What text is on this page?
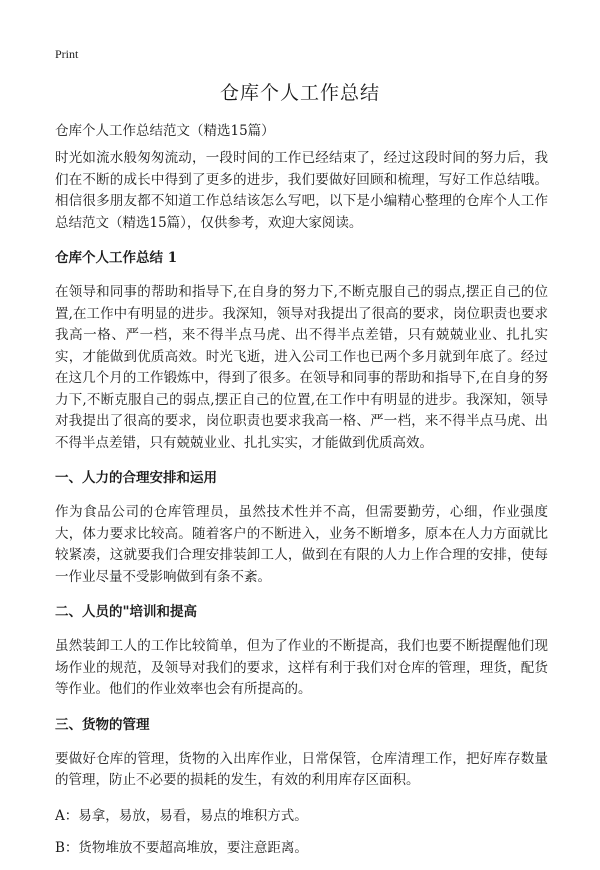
Print
仓库个人工作总结
仓库个人工作总结范文（精选15篇）

时光如流水般匆匆流动，一段时间的工作已经结束了，经过这段时间的努力后，我们在不断的成长中得到了更多的进步，我们要做好回顾和梳理，写好工作总结哦。相信很多朋友都不知道工作总结该怎么写吧，以下是小编精心整理的仓库个人工作总结范文（精选15篇），仅供参考，欢迎大家阅读。

仓库个人工作总结 1

在领导和同事的帮助和指导下,在自身的努力下,不断克服自己的弱点,摆正自己的位置,在工作中有明显的进步。我深知，领导对我提出了很高的要求，岗位职责也要求我高一格、严一档，来不得半点马虎、出不得半点差错，只有兢兢业业、扎扎实实，才能做到优质高效。时光飞逝，进入公司工作也已两个多月就到年底了。经过在这几个月的工作锻炼中，得到了很多。在领导和同事的帮助和指导下,在自身的努力下,不断克服自己的弱点,摆正自己的位置,在工作中有明显的进步。我深知，领导对我提出了很高的要求，岗位职责也要求我高一格、严一档，来不得半点马虎、出不得半点差错，只有兢兢业业、扎扎实实，才能做到优质高效。

一、人力的合理安排和运用

作为食品公司的仓库管理员，虽然技术性并不高，但需要勤劳，心细，作业强度大，体力要求比较高。随着客户的不断进入，业务不断增多，原本在人力方面就比较紧凑，这就要我们合理安排装卸工人，做到在有限的人力上作合理的安排，使每一作业尽量不受影响做到有条不紊。

二、人员的"培训和提高

虽然装卸工人的工作比较简单，但为了作业的不断提高，我们也要不断提醒他们现场作业的规范，及领导对我们的要求，这样有利于我们对仓库的管理，理货，配货等作业。他们的作业效率也会有所提高的。

三、货物的管理

要做好仓库的管理，货物的入出库作业，日常保管，仓库清理工作，把好库存数量的管理，防止不必要的损耗的发生，有效的利用库存区面积。

A：易拿，易放，易看，易点的堆积方式。

B：货物堆放不要超高堆放，要注意距离。
